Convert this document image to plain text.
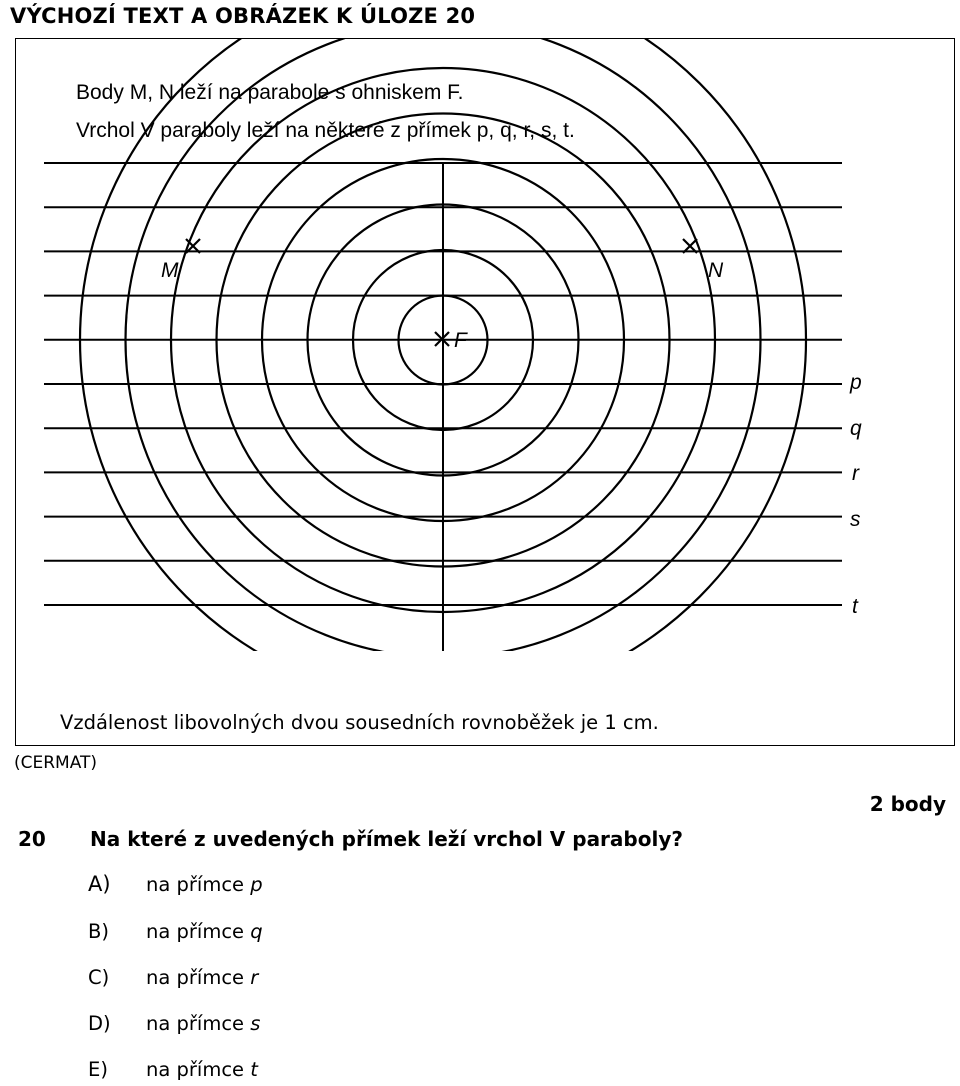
VÝCHOZÍ TEXT A OBRÁZEK K ÚLOZE 20
Body M, N leží na parabole s ohniskem F.
Vrchol V paraboly leží na některé z přímek p, q, r, s, t.
M	N
F
p
q
r
s
t
Vzdálenost libovolných dvou sousedních rovnoběžek je 1 cm.
(CERMAT)
2 body
20 Na které z uvedených přímek leží vrchol V paraboly?
A) na přímce p
B) na přímce q
C) na přímce r
D) na přímce s
E) na přímce t
